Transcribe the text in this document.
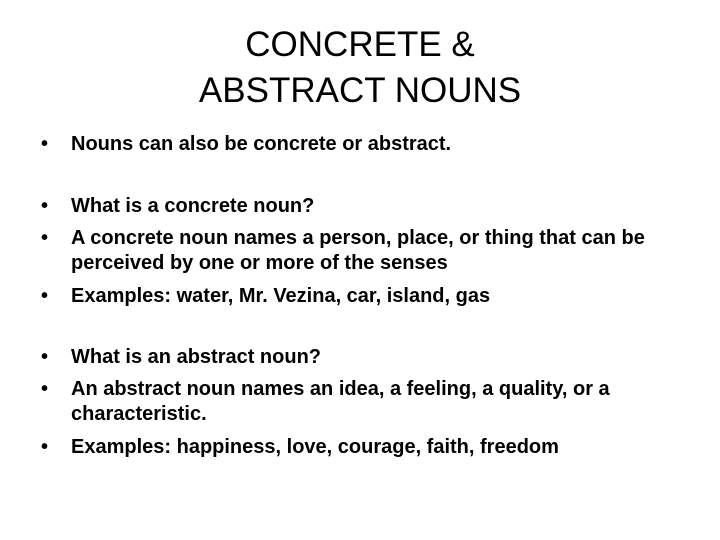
CONCRETE &
ABSTRACT NOUNS
•	Nouns can also be concrete or abstract.
•	What is a concrete noun?
•	A concrete noun names a person, place, or thing that can be perceived by one or more of the senses
•	Examples: water, Mr. Vezina, car, island, gas
•	What is an abstract noun?
•	An abstract noun names an idea, a feeling, a quality, or a characteristic.
•	Examples: happiness, love, courage, faith, freedom
